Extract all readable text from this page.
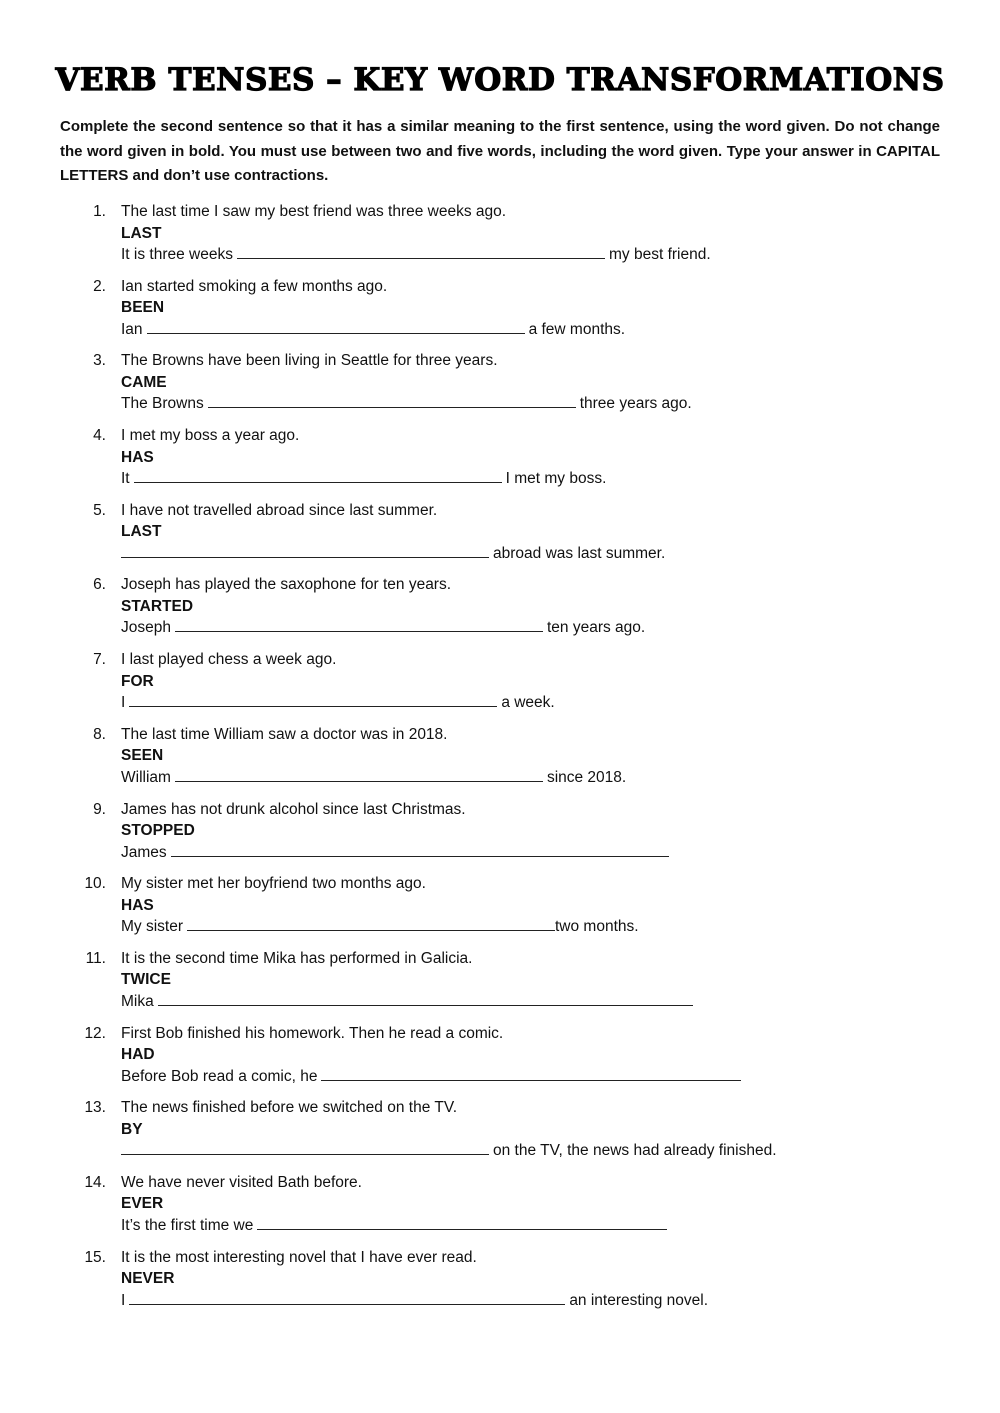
VERB TENSES – KEY WORD TRANSFORMATIONS

Complete the second sentence so that it has a similar meaning to the first sentence, using the word given. Do not change the word given in bold. You must use between two and five words, including the word given. Type your answer in CAPITAL LETTERS and don’t use contractions.

1. The last time I saw my best friend was three weeks ago.
LAST
It is three weeks	my best friend.
2. Ian started smoking a few months ago.
BEEN
Ian	a few months.
3. The Browns have been living in Seattle for three years.
CAME
The Browns	three years ago.
4. I met my boss a year ago.
HAS
It	I met my boss.
5. I have not travelled abroad since last summer.
LAST
abroad was last summer.
6. Joseph has played the saxophone for ten years.
STARTED
Joseph	ten years ago.
7. I last played chess a week ago.
FOR
I	a week.
8. The last time William saw a doctor was in 2018.
SEEN
William	since 2018.
9. James has not drunk alcohol since last Christmas.
STOPPED
James
10. My sister met her boyfriend two months ago.
HAS
My sister	two months.
11. It is the second time Mika has performed in Galicia.
TWICE
Mika
12. First Bob finished his homework. Then he read a comic.
HAD
Before Bob read a comic, he
13. The news finished before we switched on the TV.
BY
on the TV, the news had already finished.
14. We have never visited Bath before.
EVER
It’s the first time we
15. It is the most interesting novel that I have ever read.
NEVER
I	an interesting novel.
